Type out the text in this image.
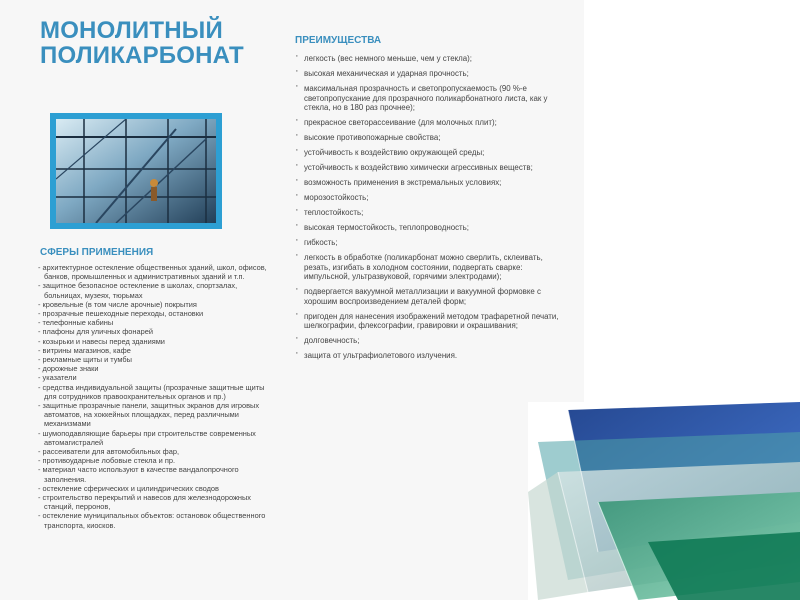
МОНОЛИТНЫЙ
ПОЛИКАРБОНАТ
СФЕРЫ ПРИМЕНЕНИЯ
- архитектурное остекление общественных зданий, школ, офисов, банков, промышленных и административных зданий и т.п.
- защитное безопасное остекление в школах, спортзалах, больницах, музеях, тюрьмах
- кровельные (в том числе арочные) покрытия
- прозрачные пешеходные переходы, остановки
- телефонные кабины
- плафоны для уличных фонарей
- козырьки и навесы перед зданиями
- витрины магазинов, кафе
- рекламные щиты и тумбы
- дорожные знаки
- указатели
- средства индивидуальной защиты (прозрачные защитные щиты для сотрудников правоохранительных органов и пр.)
- защитные прозрачные панели, защитных экранов для игровых автоматов, на хоккейных площадках, перед различными механизмами
- шумоподавляющие барьеры при строительстве современных автомагистралей
- рассеиватели для автомобильных фар,
- противоударные лобовые стекла и пр.
- материал часто используют в качестве вандалопрочного заполнения.
- остекление сферических и цилиндрических сводов
- строительство перекрытий и навесов для железнодорожных станций, перронов,
- остекление муниципальных объектов: остановок общественного транспорта, киосков.
ПРЕИМУЩЕСТВА
· легкость (вес немного меньше, чем у стекла);
· высокая механическая и ударная прочность;
· максимальная прозрачность и светопропускаемость (90 %-е светопропускание для прозрачного поликарбонатного листа, как у стекла, но в 180 раз прочнее);
· прекрасное светорассеивание (для молочных плит);
· высокие противопожарные свойства;
· устойчивость к воздействию окружающей среды;
· устойчивость к воздействию химически агрессивных веществ;
· возможность применения в экстремальных условиях;
· морозостойкость;
· теплостойкость;
· высокая термостойкость, теплопроводность;
· гибкость;
· легкость в обработке (поликарбонат можно сверлить, склеивать, резать, изгибать в холодном состоянии, подвергать сварке: импульсной, ультразвуковой, горячими электродами);
· подвергается вакуумной металлизации и вакуумной формовке с хорошим воспроизведением деталей форм;
· пригоден для нанесения изображений методом трафаретной печати, шелкографии, флексографии, гравировки и окрашивания;
· долговечность;
· защита от ультрафиолетового излучения.
